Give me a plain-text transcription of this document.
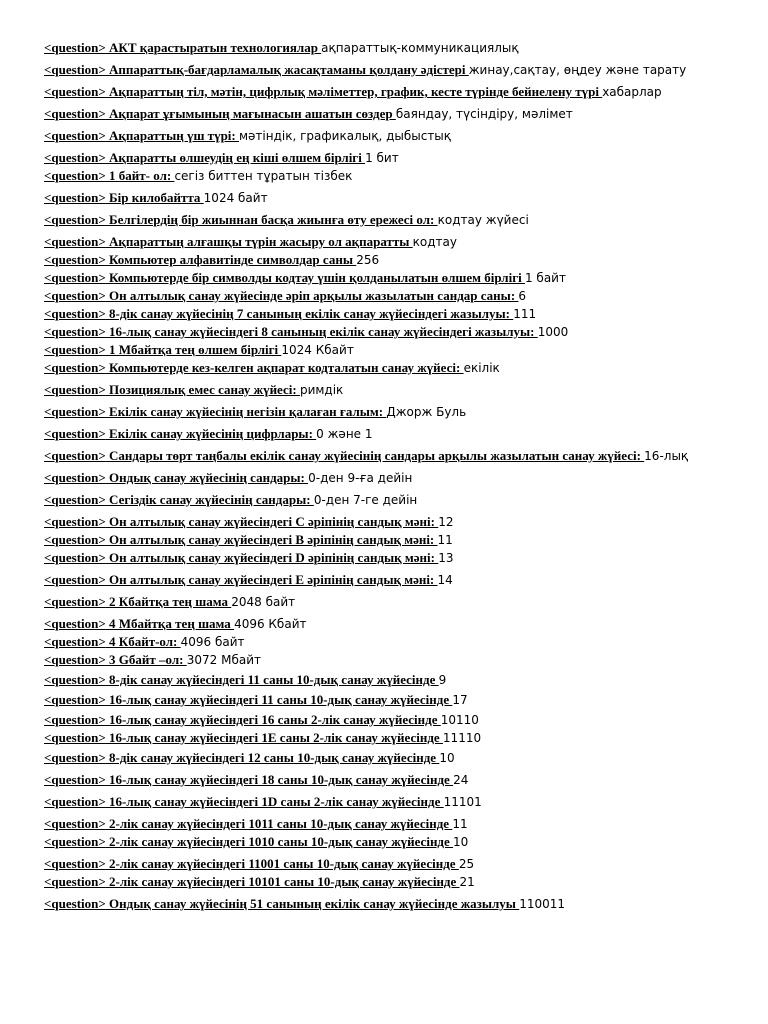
<question> АКТ қарастыратын технологиялар ақпараттық-коммуникациялық

<question> Аппараттық-бағдарламалық жасақтаманы қолдану әдістері жинау,сақтау, өңдеу және тарату

<question> Ақпараттың тіл, мәтін, цифрлық мәліметтер, график, кесте түрінде бейнелену түрі хабарлар

<question> Ақпарат ұғымының мағынасын ашатын сөздер баяндау, түсіндіру, мәлімет

<question> Ақпараттың үш түрі: мәтіндік, графикалық, дыбыстық

<question> Ақпаратты өлшеудің ең кіші өлшем бірлігі 1 бит

<question> 1 байт- ол: сегіз биттен тұратын тізбек

<question> Бір килобайтта 1024 байт

<question> Белгілердің бір жиыннан басқа жиынға өту ережесі ол: кодтау жүйесі

<question> Ақпараттың алғашқы түрін жасыру ол ақпаратты кодтау

<question> Компьютер алфавитінде символдар саны 256

<question> Компьютерде бір символды кодтау үшін қолданылатын өлшем бірлігі 1 байт

<question> Он алтылық санау жүйесінде әріп арқылы жазылатын сандар саны: 6

<question> 8-дік санау жүйесінің 7 санының екілік санау жүйесіндегі жазылуы: 111

<question> 16-лық санау жүйесіндегі 8 санының екілік санау жүйесіндегі жазылуы: 1000

<question> 1 Мбайтқа тең өлшем бірлігі 1024 Кбайт

<question> Компьютерде кез-келген ақпарат кодталатын санау жүйесі: екілік

<question> Позициялық емес санау жүйесі: римдік

<question> Екілік санау жүйесінің негізін қалаған ғалым: Джорж Буль

<question> Екілік санау жүйесінің цифрлары: 0 және 1

<question> Сандары төрт таңбалы екілік санау жүйесінің сандары арқылы жазылатын санау жүйесі: 16-лық

<question> Ондық санау жүйесінің сандары: 0-ден 9-ға дейін

<question> Сегіздік санау жүйесінің сандары: 0-ден 7-ге дейін

<question> Он алтылық санау жүйесіндегі С әріпінің сандық мәні: 12

<question> Он алтылық санау жүйесіндегі В әріпінің сандық мәні: 11

<question> Он алтылық санау жүйесіндегі D әріпінің сандық мәні: 13

<question> Он алтылық санау жүйесіндегі Е әріпінің сандық мәні: 14

<question> 2 Кбайтқа тең шама 2048 байт

<question> 4 Мбайтқа тең шама 4096 Кбайт

<question> 4 Кбайт-ол: 4096 байт

<question> 3 Gбайт –ол: 3072 Мбайт

<question> 8-дік санау жүйесіндегі 11 саны 10-дық санау жүйесінде 9

<question> 16-лық санау жүйесіндегі 11 саны 10-дық санау жүйесінде 17

<question> 16-лық санау жүйесіндегі 16 саны 2-лік санау жүйесінде 10110

<question> 16-лық санау жүйесіндегі 1Е саны 2-лік санау жүйесінде 11110

<question> 8-дік санау жүйесіндегі 12 саны 10-дық санау жүйесінде 10

<question> 16-лық санау жүйесіндегі 18 саны 10-дық санау жүйесінде 24

<question> 16-лық санау жүйесіндегі 1D саны 2-лік санау жүйесінде 11101

<question> 2-лік санау жүйесіндегі 1011 саны 10-дық санау жүйесінде 11

<question> 2-лік санау жүйесіндегі 1010 саны 10-дық санау жүйесінде 10

<question> 2-лік санау жүйесіндегі 11001 саны 10-дық санау жүйесінде 25

<question> 2-лік санау жүйесіндегі 10101 саны 10-дық санау жүйесінде 21

<question> Ондық санау жүйесінің 51 санының екілік санау жүйесінде жазылуы 110011
